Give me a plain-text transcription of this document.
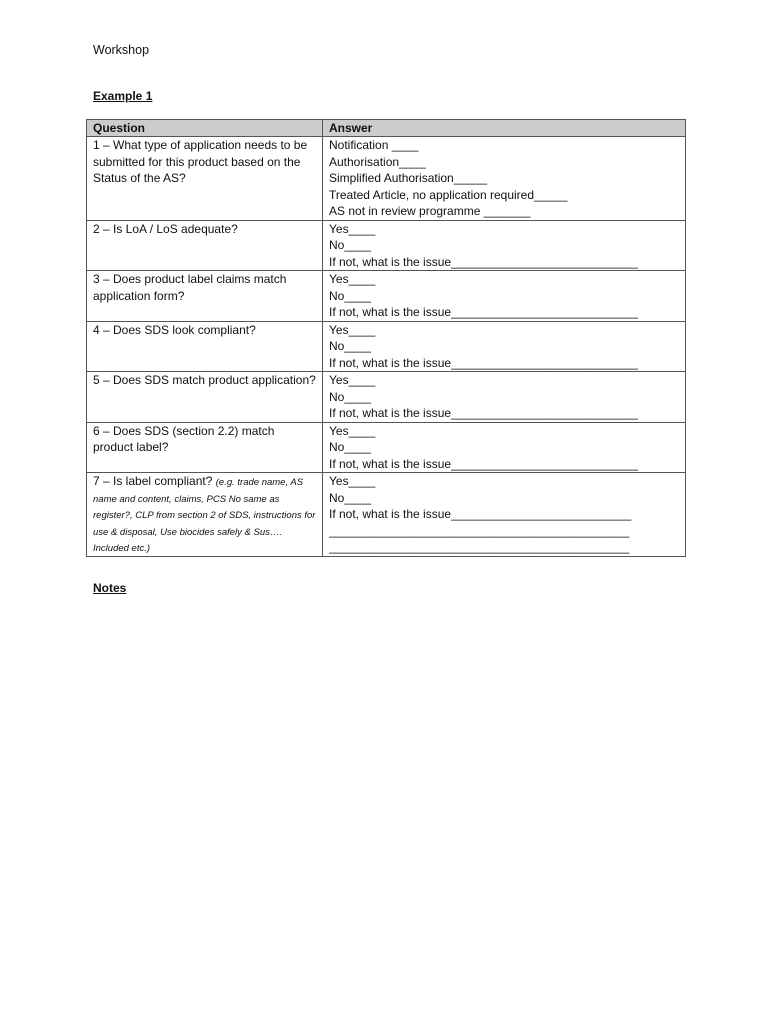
Workshop
Example 1
Question	Answer

1 – What type of application needs to be submitted for this product based on the Status of the AS?	Notification ____
Authorisation____
Simplified Authorisation_____
Treated Article, no application required_____
AS not in review programme _______

2 – Is LoA / LoS adequate?	Yes____
No____
If not, what is the issue____________________________

3 – Does product label claims match application form?	Yes____
No____
If not, what is the issue____________________________

4 – Does SDS look compliant?	Yes____
No____
If not, what is the issue____________________________

5 – Does SDS match product application?	Yes____
No____
If not, what is the issue____________________________

6 – Does SDS (section 2.2) match product label?	Yes____
No____
If not, what is the issue____________________________

7 – Is label compliant? (e.g. trade name, AS name and content, claims, PCS No same as register?, CLP from section 2 of SDS, instructions for use & disposal, Use biocides safely & Sus…. Included etc.)	Yes____
No____
If not, what is the issue___________________________
_____________________________________________
_____________________________________________
Notes
